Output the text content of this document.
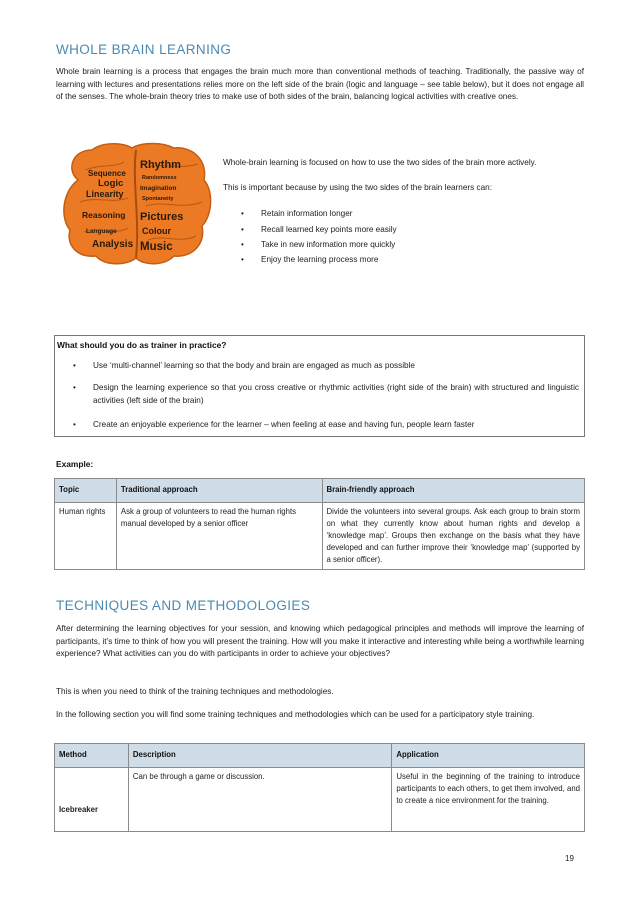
WHOLE BRAIN LEARNING

Whole brain learning is a process that engages the brain much more than conventional methods of teaching. Traditionally, the passive way of learning with lectures and presentations relies more on the left side of the brain (logic and language – see table below), but it does not engage all of the senses. The whole-brain theory tries to make use of both sides of the brain, balancing logical activities with creative ones.

Sequence
Logic
Linearity
Reasoning
Language
Analysis
Rhythm
Randomness
Imagination
Spontaneity
Pictures
Colour
Music

Whole-brain learning is focused on how to use the two sides of the brain more actively.

This is important because by using the two sides of the brain learners can:

• Retain information longer
• Recall learned key points more easily
• Take in new information more quickly
• Enjoy the learning process more
What should you do as trainer in practice?
• Use ‘multi-channel’ learning so that the body and brain are engaged as much as possible
• Design the learning experience so that you cross creative or rhythmic activities (right side of the brain) with structured and linguistic activities (left side of the brain)
• Create an enjoyable experience for the learner – when feeling at ease and having fun, people learn faster
Example:
Topic	Traditional approach	Brain-friendly approach
Human rights	Ask a group of volunteers to read the human rights manual developed by a senior officer	Divide the volunteers into several groups. Ask each group to brain storm on what they currently know about human rights and develop a ‘knowledge map’. Groups then exchange on the basis what they have developed and can further improve their ‘knowledge map’ (supported by a senior officer).
TECHNIQUES AND METHODOLOGIES

After determining the learning objectives for your session, and knowing which pedagogical principles and methods will improve the learning of participants, it’s time to think of how you will present the training. How will you make it interactive and interesting while being a worthwhile learning experience? What activities can you do with participants in order to achieve your objectives?

This is when you need to think of the training techniques and methodologies.

In the following section you will find some training techniques and methodologies which can be used for a participatory style training.

Method	Description	Application
Icebreaker	Can be through a game or discussion.	Useful in the beginning of the training to introduce participants to each others, to get them involved, and to create a nice environment for the training.
19
